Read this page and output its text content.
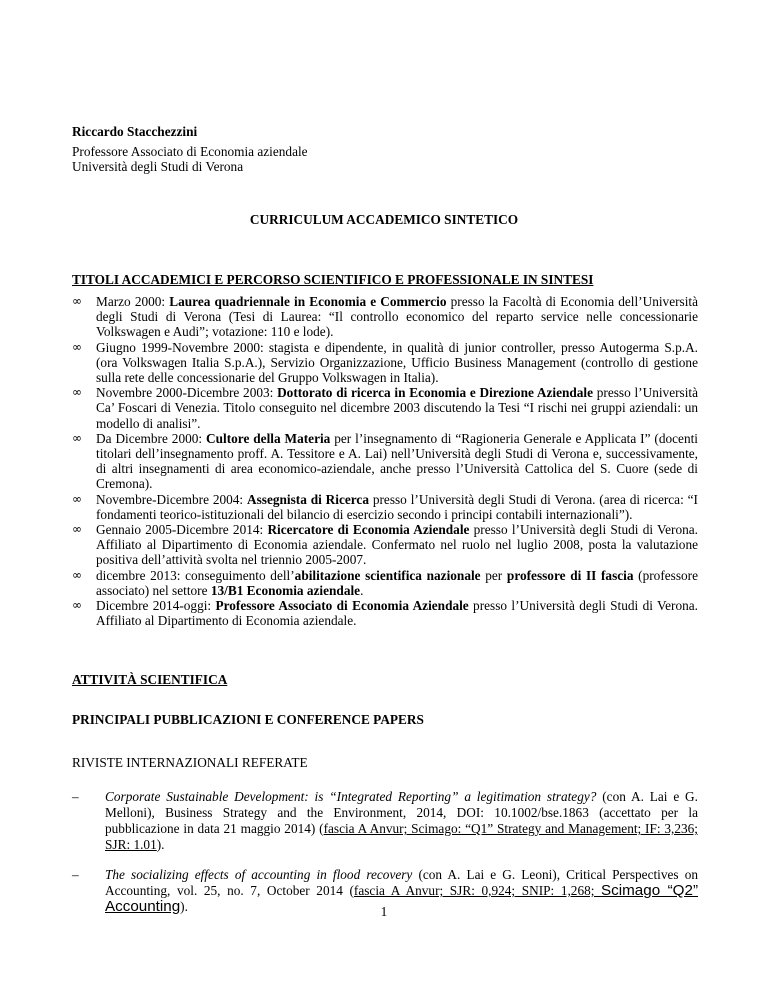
Riccardo Stacchezzini
Professore Associato di Economia aziendale
Università degli Studi di Verona
CURRICULUM ACCADEMICO SINTETICO
TITOLI ACCADEMICI E PERCORSO SCIENTIFICO E PROFESSIONALE IN SINTESI
∞	Marzo 2000: Laurea quadriennale in Economia e Commercio presso la Facoltà di Economia dell’Università degli Studi di Verona (Tesi di Laurea: “Il controllo economico del reparto service nelle concessionarie Volkswagen e Audi”; votazione: 110 e lode).
∞	Giugno 1999-Novembre 2000: stagista e dipendente, in qualità di junior controller, presso Autogerma S.p.A. (ora Volkswagen Italia S.p.A.), Servizio Organizzazione, Ufficio Business Management (controllo di gestione sulla rete delle concessionarie del Gruppo Volkswagen in Italia).
∞	Novembre 2000-Dicembre 2003: Dottorato di ricerca in Economia e Direzione Aziendale presso l’Università Ca’ Foscari di Venezia. Titolo conseguito nel dicembre 2003 discutendo la Tesi “I rischi nei gruppi aziendali: un modello di analisi”.
∞	Da Dicembre 2000: Cultore della Materia per l’insegnamento di “Ragioneria Generale e Applicata I” (docenti titolari dell’insegnamento proff. A. Tessitore e A. Lai) nell’Università degli Studi di Verona e, successivamente, di altri insegnamenti di area economico-aziendale, anche presso l’Università Cattolica del S. Cuore (sede di Cremona).
∞	Novembre-Dicembre 2004: Assegnista di Ricerca presso l’Università degli Studi di Verona. (area di ricerca: “I fondamenti teorico-istituzionali del bilancio di esercizio secondo i principi contabili internazionali”).
∞	Gennaio 2005-Dicembre 2014: Ricercatore di Economia Aziendale presso l’Università degli Studi di Verona. Affiliato al Dipartimento di Economia aziendale. Confermato nel ruolo nel luglio 2008, posta la valutazione positiva dell’attività svolta nel triennio 2005-2007.
∞	dicembre 2013: conseguimento dell’abilitazione scientifica nazionale per professore di II fascia (professore associato) nel settore 13/B1 Economia aziendale.
∞	Dicembre 2014-oggi: Professore Associato di Economia Aziendale presso l’Università degli Studi di Verona. Affiliato al Dipartimento di Economia aziendale.
ATTIVITÀ SCIENTIFICA
PRINCIPALI PUBBLICAZIONI E CONFERENCE PAPERS
RIVISTE INTERNAZIONALI REFERATE
– Corporate Sustainable Development: is “Integrated Reporting” a legitimation strategy? (con A. Lai e G. Melloni), Business Strategy and the Environment, 2014, DOI: 10.1002/bse.1863 (accettato per la pubblicazione in data 21 maggio 2014) (fascia A Anvur; Scimago: “Q1” Strategy and Management; IF: 3,236; SJR: 1.01).
– The socializing effects of accounting in flood recovery (con A. Lai e G. Leoni), Critical Perspectives on Accounting, vol. 25, no. 7, October 2014 (fascia A Anvur; SJR: 0,924; SNIP: 1,268; Scimago “Q2” Accounting).	1
